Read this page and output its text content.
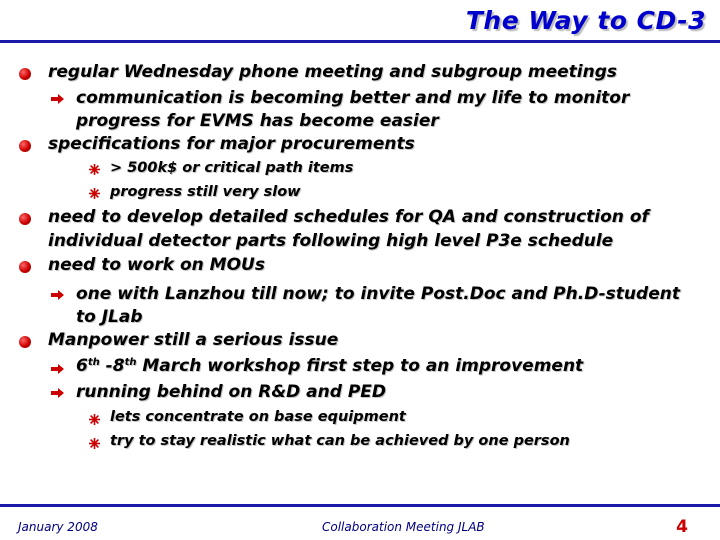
The Way to CD-3
regular Wednesday phone meeting and subgroup meetings
communication is becoming better and my life to monitor
progress for EVMS has become easier
specifications for major procurements
> 500k$ or critical path items
progress still very slow
need to develop detailed schedules for QA and construction of
individual detector parts following high level P3e schedule
need to work on MOUs
one with Lanzhou till now; to invite Post.Doc and Ph.D-student
to JLab
Manpower still a serious issue
6th -8th March workshop first step to an improvement
running behind on R&D and PED
lets concentrate on base equipment
try to stay realistic what can be achieved by one person
January 2008	Collaboration Meeting JLAB	4
